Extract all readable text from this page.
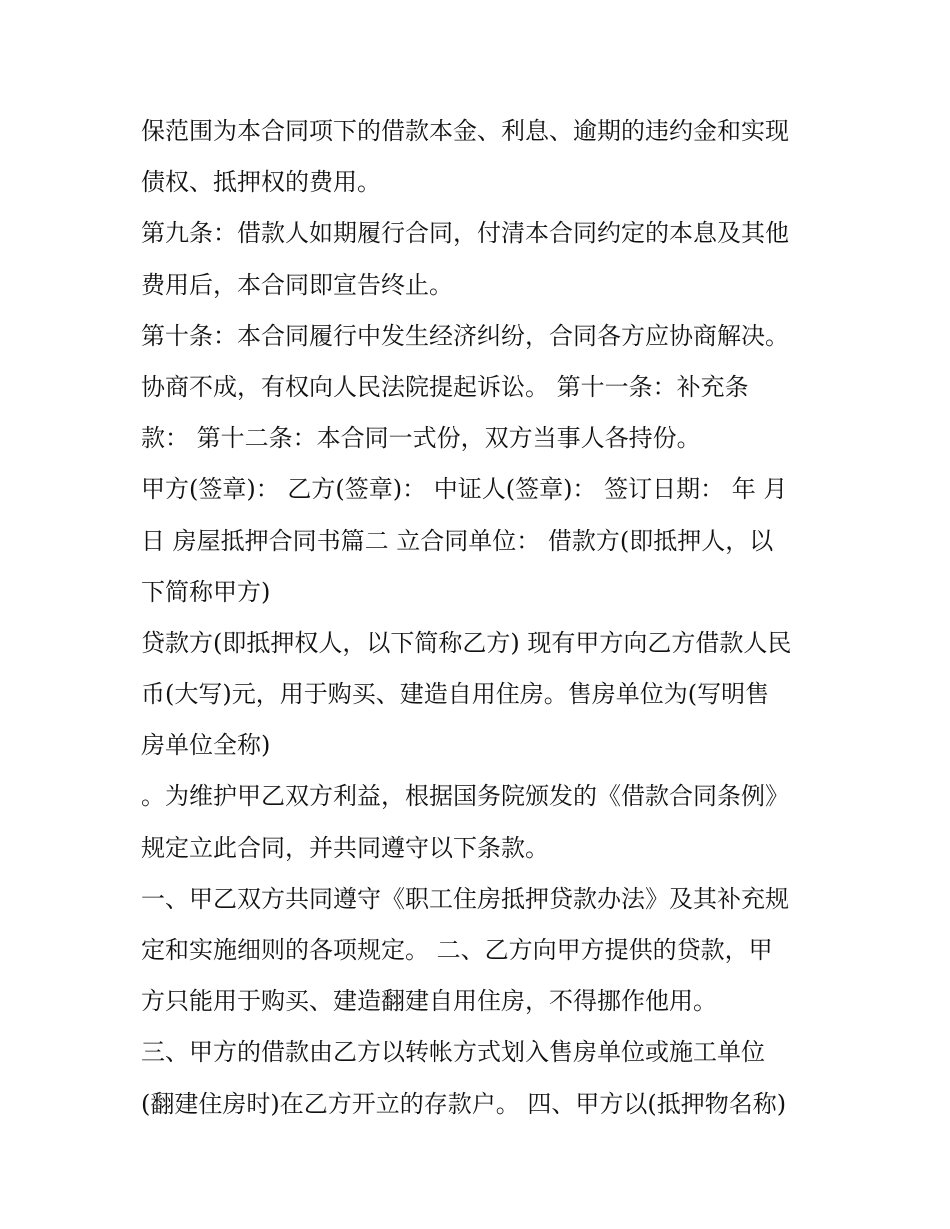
保范围为本合同项下的借款本金、利息、逾期的违约金和实现
债权、抵押权的费用。
第九条：借款人如期履行合同，付清本合同约定的本息及其他
费用后，本合同即宣告终止。
第十条：本合同履行中发生经济纠纷，合同各方应协商解决。
协商不成，有权向人民法院提起诉讼。 第十一条：补充条
款： 第十二条：本合同一式份，双方当事人各持份。
甲方(签章)： 乙方(签章)： 中证人(签章)： 签订日期： 年 月
日 房屋抵押合同书篇二 立合同单位： 借款方(即抵押人，以
下简称甲方)
贷款方(即抵押权人，以下简称乙方) 现有甲方向乙方借款人民
币(大写)元，用于购买、建造自用住房。售房单位为(写明售
房单位全称)
。为维护甲乙双方利益，根据国务院颁发的《借款合同条例》
规定立此合同，并共同遵守以下条款。
一、甲乙双方共同遵守《职工住房抵押贷款办法》及其补充规
定和实施细则的各项规定。 二、乙方向甲方提供的贷款，甲
方只能用于购买、建造翻建自用住房，不得挪作他用。
三、甲方的借款由乙方以转帐方式划入售房单位或施工单位
(翻建住房时)在乙方开立的存款户。 四、甲方以(抵押物名称)
